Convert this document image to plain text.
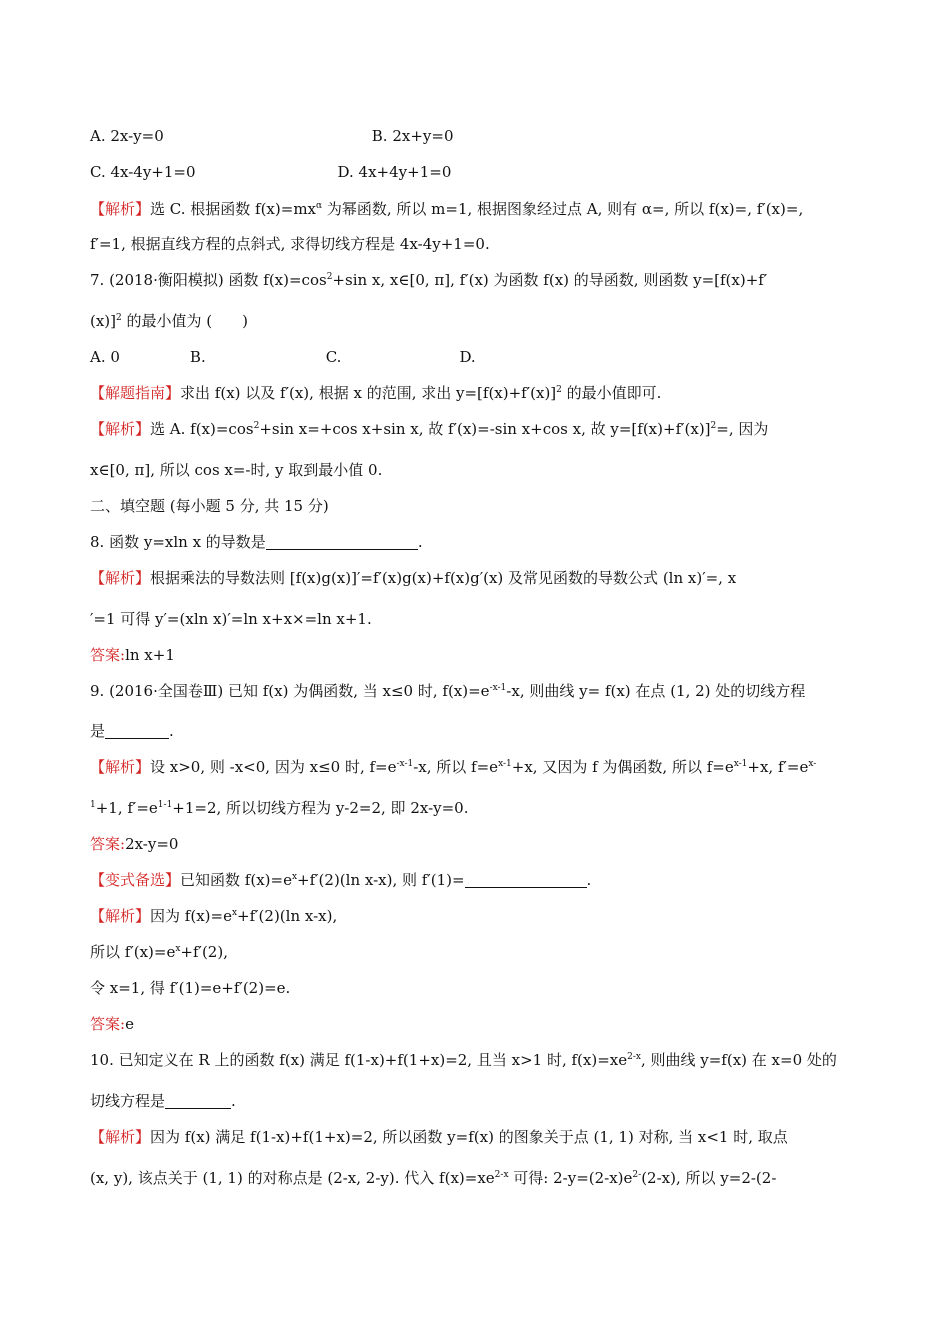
A. 2x-y=0	B. 2x+y=0
C. 4x-4y+1=0	D. 4x+4y+1=0
【解析】选 C. 根据函数 $f(x)=mx^\alpha$ 为幂函数, 所以 m=1, 根据图象经过点 A, 则有 α=, 所以 f(x)=, f′(x)=,
f′=1, 根据直线方程的点斜式, 求得切线方程是 4x-4y+1=0.
7. (2018·衡阳模拟) 函数 $f(x)=\cos^2+\sin$ x, x∈[0, π], f′(x) 为函数 f(x) 的导函数, 则函数 y=[f(x)+f′
(x)]$^2$ 的最小值为 (　　)
A. 0	B.	C.	D.
【解题指南】求出 f(x) 以及 f′(x), 根据 x 的范围, 求出 $y=[f(x)+f'(x)]^2$ 的最小值即可.
【解析】选 A. $f(x)=\cos^2+\sin$ x=+cos x+sin x, 故 f′(x)=-sin x+cos x, 故 $y=[f(x)+f'(x)]^2=$, 因为
x∈[0, π], 所以 cos x=-时, y 取到最小值 0.
二、填空题 (每小题 5 分, 共 15 分)
8. 函数 y=xln x 的导数是	.
【解析】根据乘法的导数法则 [f(x)g(x)]′=f′(x)g(x)+f(x)g′(x) 及常见函数的导数公式 (ln x)′=, x
′=1 可得 y′=(xln x)′=ln x+x×=ln x+1.
答案:ln x+1
9. (2016·全国卷Ⅲ) 已知 f(x) 为偶函数, 当 x≤0 时, $f(x)=e^{-x-1}-x$, 则曲线 y= f(x) 在点 (1, 2) 处的切线方程
是	.
【解析】设 x>0, 则 -x<0, 因为 x≤0 时, $f=e^{-x-1}-x$, 所以 $f=e^{x-1}+x$, 又因为 f 为偶函数, 所以 $f=e^{x-1}+x$, $f'=e^{x-}$
$^1$+1, $f'=e^{1-1}+1=2$, 所以切线方程为 y-2=2, 即 2x-y=0.
答案:2x-y=0
【变式备选】已知函数 $f(x)=e^x+f'(2)(\ln$ x-x), 则 f′(1)=	.
【解析】因为 $f(x)=e^x+f'(2)(\ln$ x-x),
所以 $f'(x)=e^x+f'(2)$,
令 x=1, 得 f′(1)=e+f′(2)=e.
答案:e
10. 已知定义在 R 上的函数 f(x) 满足 f(1-x)+f(1+x)=2, 且当 x>1 时, $f(x)=xe^{2-x}$, 则曲线 y=f(x) 在 x=0 处的
切线方程是	.
【解析】因为 f(x) 满足 f(1-x)+f(1+x)=2, 所以函数 y=f(x) 的图象关于点 (1, 1) 对称, 当 x<1 时, 取点
(x, y), 该点关于 (1, 1) 的对称点是 (2-x, 2-y). 代入 $f(x)=xe^{2-x}$ 可得: $2-y=(2-x)e^{2-}(2-x)$, 所以 y=2-(2-
